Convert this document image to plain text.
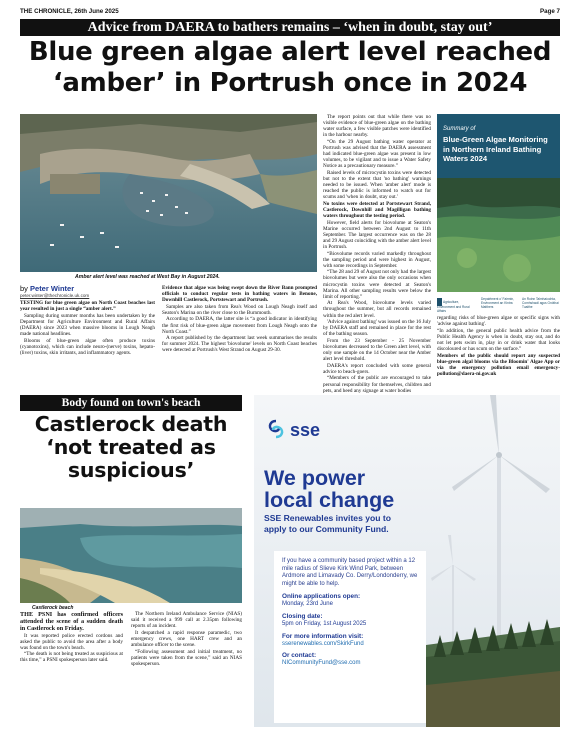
THE CHRONICLE, 26th June 2025	Page 7
Advice from DAERA to bathers remains – ‘when in doubt, stay out’
Blue green algae alert level reached
‘amber’ in Portrush once in 2024
Amber alert level was reached at West Bay in August 2024.
by Peter Winter
peter.winter@thechronicle.uk.com

TESTING for blue green algae on North Coast beaches last year resulted in just a single “amber alert.”

Sampling during summer months has been undertaken by the Department for Agriculture Environment and Rural Affairs (DAERA) since 2023 when massive blooms in Lough Neagh made national headlines.

Blooms of blue-green algae often produce toxins (cyanotoxins), which can include neuro-(nerve) toxins, hepato-(liver) toxins, skin irritants, and inflammatory agents.

Evidence that algae was being swept down the River Bann prompted officials to conduct regular tests in bathing waters in Benone, Downhill Castlerock, Portstewart and Portrush.

Samples are also taken from Rea's Wood on Lough Neagh itself and Seaton's Marina on the river close to the Burnmouth.

According to DAERA, the latter site is “a good indicator in identifying the first risk of blue-green algae movement from Lough Neagh onto the North Coast.”

A report published by the department last week summarises the results for summer 2024. The highest 'biovolume' levels on North Coast beaches were detected at Portrush's West Strand on August 29-30.

The report points out that while there was no visible evidence of blue-green algae on the bathing water surface, a few visible patches were identified in the harbour nearby.

“On the 29 August bathing water operator at Portrush was advised that the DAERA assessment had indicated blue-green algae was present in low volumes, to be vigilant and to issue a Water Safety Notice as a precautionary measure.”

Raised levels of microcystin toxins were detected but not to the extent that 'no bathing' warnings needed to be issued. When 'amber alert' mode is reached the public is informed to watch out for scums and 'when in doubt, stay out.'

No toxins were detected at Portstewart Strand, Castlerock, Downhill and Magilligan bathing waters throughout the testing period.

However, field alerts for biovolume at Seaton's Marine occurred between 2nd August to 11th September. The largest occurrence was on the 28 and 29 August coinciding with the amber alert level in Portrush.

“Biovolume records varied markedly throughout the sampling period and were highest in August, with some recordings in September.

“The 28 and 29 of August not only had the largest biovolumes but were also the only occasions when microcystin toxins were detected at Seaton's Marina. All other sampling results were below the limit of reporting.”

At Rea's Wood, biovolume levels varied throughout the summer, but all records remained within the red alert level.

'Advice against bathing' was issued on the 16 July by DAERA staff and remained in place for the rest of the bathing season.

From the 23 September - 25 November biovolumes decreased to the Green alert level, with only one sample on the 14 October near the Amber alert level threshold.

DAERA's report concluded with some general advice to beach-goers.

“Members of the public are encouraged to take personal responsibility for themselves, children and pets, and heed any signage at water bodies

Summary of
Blue-Green Algae Monitoring in Northern Ireland Bathing Waters 2024
Agriculture, Environment and Rural Affairs
Depairtment o' Fairmin, Environment an Kintra Matthers
An Roinn Talmhaíochta, Comhshaoil agus Gnóthaí Tuaithe

regarding risks of blue-green algae or specific signs with 'advise against bathing'.

“In addition, the general public health advice from the Public Health Agency is when in doubt, stay out, and do not let pets swim in, play in or drink water that looks discoloured or has scum on the surface.”

Members of the public should report any suspected blue-green algal blooms via the Bloomin' Algae App or via the emergency pollution email emergency-pollution@daera-ni.gov.uk

Body found on town's beach
Castlerock death
‘not treated as
suspicious’
Castlerock beach

THE PSNI has confirmed officers attended the scene of a sudden death in Castlerock on Friday.

It was reported police erected cordons and asked the public to avoid the area after a body was found on the town's beach.

“The death is not being treated as suspicious at this time,” a PSNI spokesperson later said.

The Northern Ireland Ambulance Service (NIAS) said it received a 999 call at 2.35pm following reports of an incident.

It despatched a rapid response paramedic, two emergency crews, one HART crew and an ambulance officer to the scene.

“Following assessment and initial treatment, no patients were taken from the scene,” said an NIAS spokesperson.

sse
We power
local change
SSE Renewables invites you to apply to our Community Fund.
If you have a community based project within a 12 mile radius of Slieve Kirk Wind Park, between Ardmore and Limavady Co. Derry/Londonderry, we might be able to help.
Online applications open:
Monday, 23rd June
Closing date:
5pm on Friday, 1st August 2025
For more information visit:
sserenewables.com/SkirkFund
Or contact:
NICommunityFund@sse.com
